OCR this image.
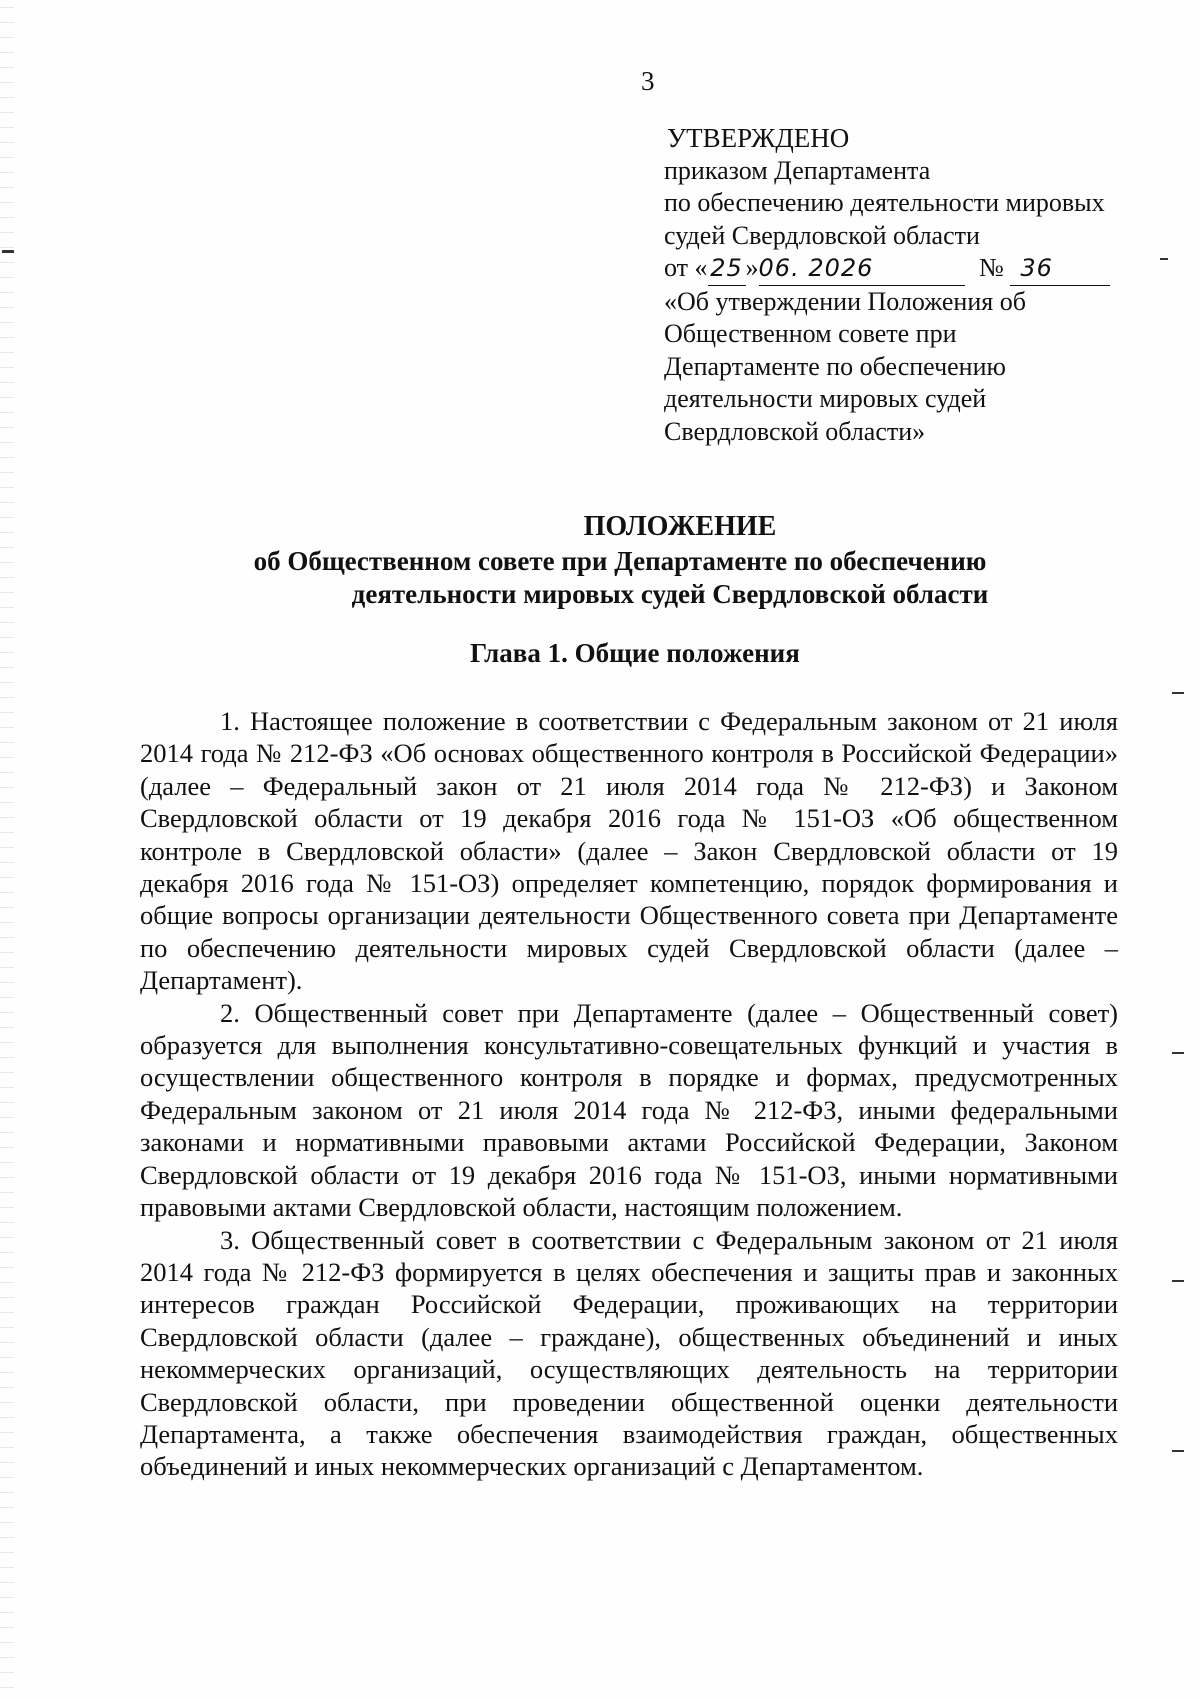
3
УТВЕРЖДЕНО
приказом Департамента
по обеспечению деятельности мировых
судей Свердловской области
от « 25 »06. 2026	№ 36
«Об утверждении Положения об
Общественном совете при
Департаменте по обеспечению
деятельности мировых судей
Свердловской области»
ПОЛОЖЕНИЕ
об Общественном совете при Департаменте по обеспечению
деятельности мировых судей Свердловской области
Глава 1. Общие положения

1. Настоящее положение в соответствии с Федеральным законом от 21 июля 2014 года № 212-ФЗ «Об основах общественного контроля в Российской Федерации» (далее – Федеральный закон от 21 июля 2014 года № 212-ФЗ) и Законом Свердловской области от 19 декабря 2016 года № 151-ОЗ «Об общественном контроле в Свердловской области» (далее – Закон Свердловской области от 19 декабря 2016 года № 151-ОЗ) определяет компетенцию, порядок формирования и общие вопросы организации деятельности Общественного совета при Департаменте по обеспечению деятельности мировых судей Свердловской области (далее – Департамент).

2. Общественный совет при Департаменте (далее – Общественный совет) образуется для выполнения консультативно-совещательных функций и участия в осуществлении общественного контроля в порядке и формах, предусмотренных Федеральным законом от 21 июля 2014 года № 212-ФЗ, иными федеральными законами и нормативными правовыми актами Российской Федерации, Законом Свердловской области от 19 декабря 2016 года № 151-ОЗ, иными нормативными правовыми актами Свердловской области, настоящим положением.

3. Общественный совет в соответствии с Федеральным законом от 21 июля 2014 года № 212-ФЗ формируется в целях обеспечения и защиты прав и законных интересов граждан Российской Федерации, проживающих на территории Свердловской области (далее – граждане), общественных объединений и иных некоммерческих организаций, осуществляющих деятельность на территории Свердловской области, при проведении общественной оценки деятельности Департамента, а также обеспечения взаимодействия граждан, общественных объединений и иных некоммерческих организаций с Департаментом.
